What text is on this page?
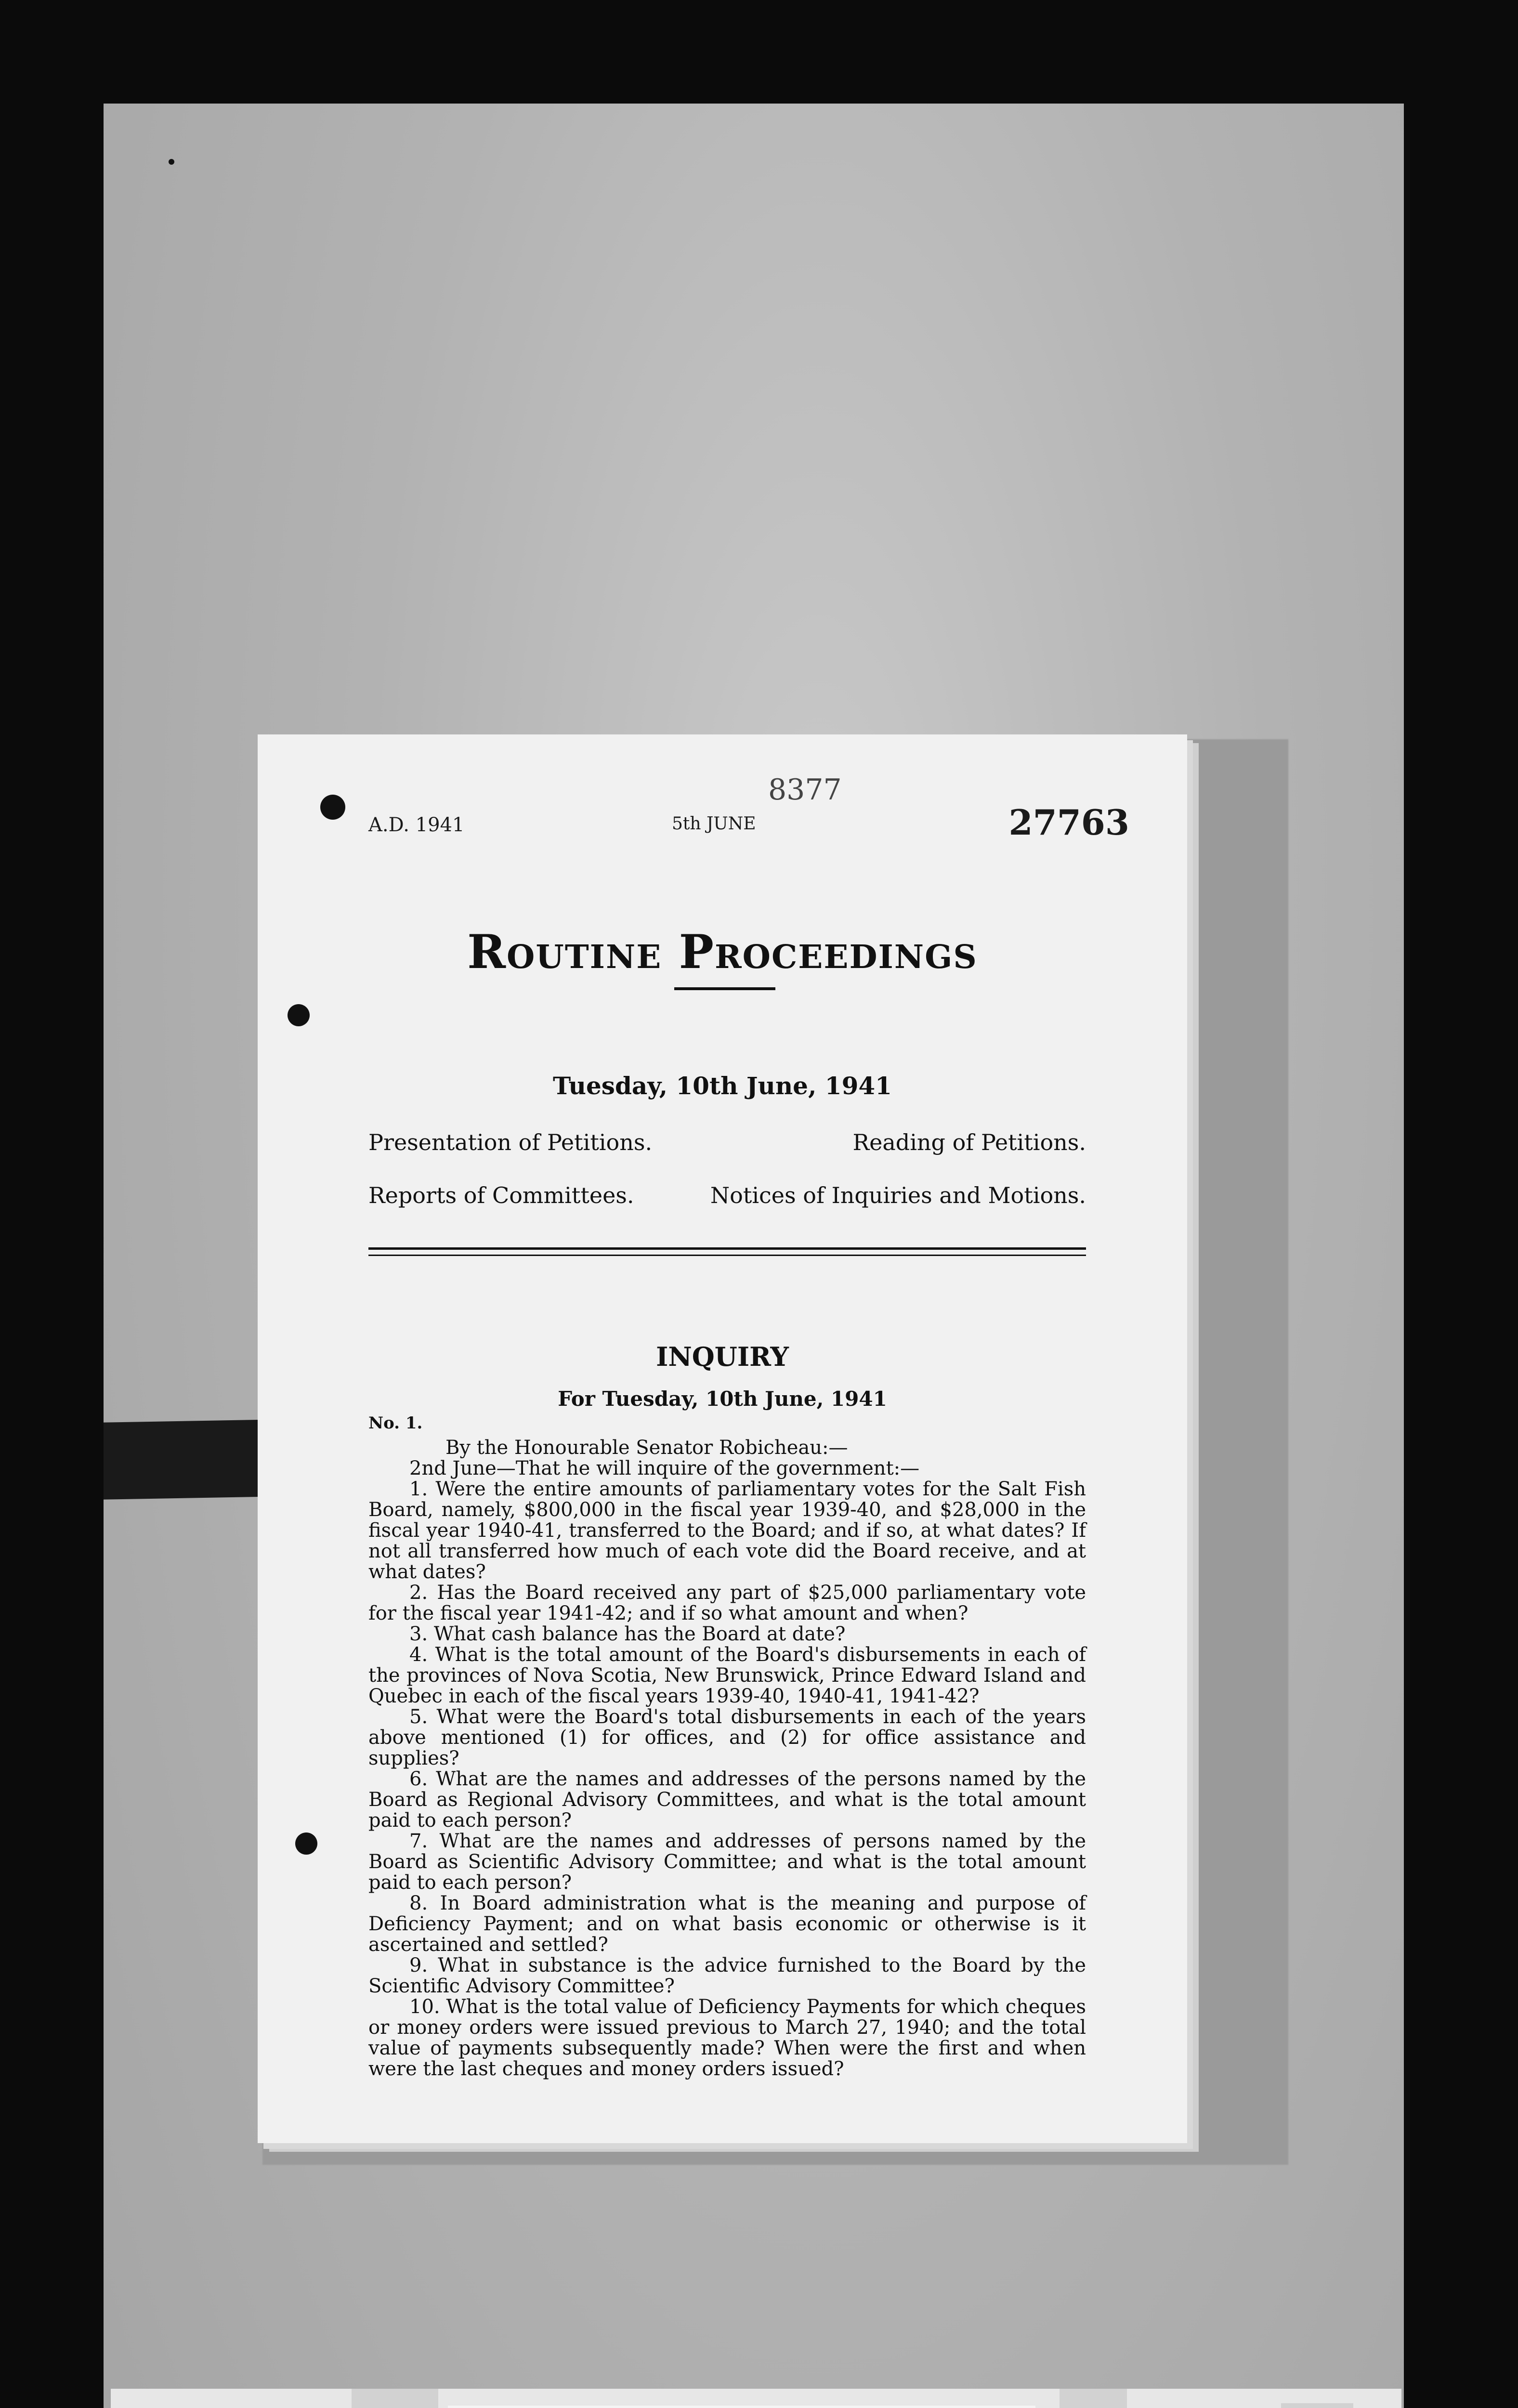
A.D. 1941	5th JUNE
8377
27763
Routine Proceedings
Tuesday, 10th June, 1941
Presentation of Petitions.	Reading of Petitions.
Reports of Committees.	Notices of Inquiries and Motions.
INQUIRY
For Tuesday, 10th June, 1941
No. 1.

By the Honourable Senator Robicheau:—

2nd June—That he will inquire of the government:—

1. Were the entire amounts of parliamentary votes for the Salt Fish Board, namely, $800,000 in the fiscal year 1939-40, and $28,000 in the fiscal year 1940-41, transferred to the Board; and if so, at what dates? If not all transferred how much of each vote did the Board receive, and at what dates?

2. Has the Board received any part of $25,000 parliamentary vote for the fiscal year 1941-42; and if so what amount and when?

3. What cash balance has the Board at date?

4. What is the total amount of the Board's disbursements in each of the provinces of Nova Scotia, New Brunswick, Prince Edward Island and Quebec in each of the fiscal years 1939-40, 1940-41, 1941-42?

5. What were the Board's total disbursements in each of the years above mentioned (1) for offices, and (2) for office assistance and supplies?

6. What are the names and addresses of the persons named by the Board as Regional Advisory Committees, and what is the total amount paid to each person?

7. What are the names and addresses of persons named by the Board as Scientific Advisory Committee; and what is the total amount paid to each person?

8. In Board administration what is the meaning and purpose of Deficiency Payment; and on what basis economic or otherwise is it ascertained and settled?

9. What in substance is the advice furnished to the Board by the Scientific Advisory Committee?

10. What is the total value of Deficiency Payments for which cheques or money orders were issued previous to March 27, 1940; and the total value of payments subsequently made? When were the first and when were the last cheques and money orders issued?
